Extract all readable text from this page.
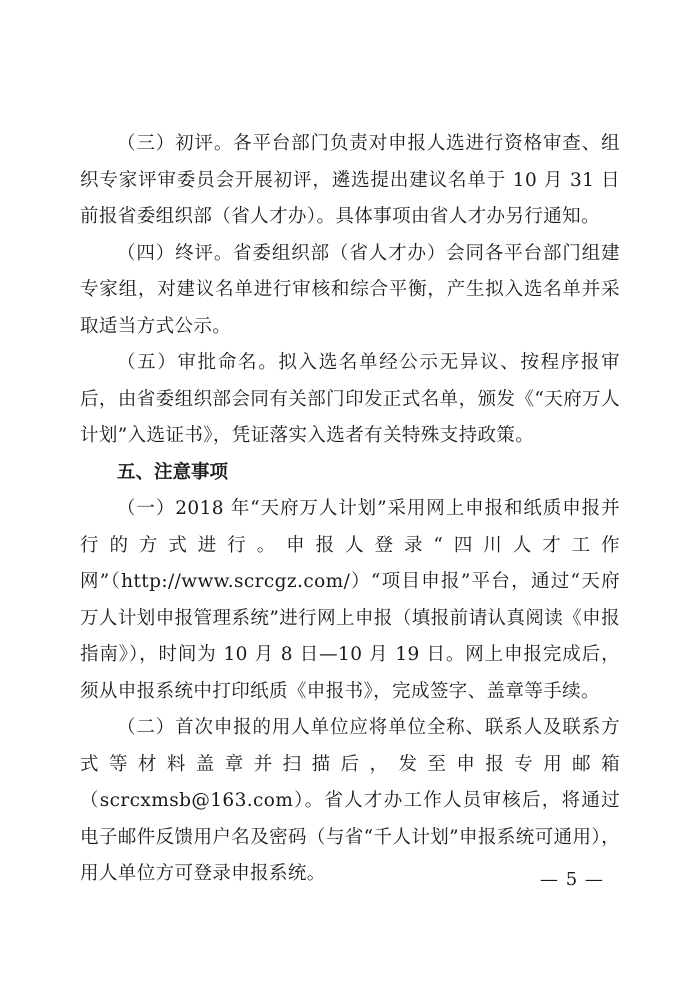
（三）初评。各平台部门负责对申报人选进行资格审查、组织专家评审委员会开展初评，遴选提出建议名单于 10 月 31 日前报省委组织部（省人才办）。具体事项由省人才办另行通知。

（四）终评。省委组织部（省人才办）会同各平台部门组建专家组，对建议名单进行审核和综合平衡，产生拟入选名单并采取适当方式公示。

（五）审批命名。拟入选名单经公示无异议、按程序报审后，由省委组织部会同有关部门印发正式名单，颁发《“天府万人计划”入选证书》，凭证落实入选者有关特殊支持政策。

五、注意事项

（一）2018 年“天府万人计划”采用网上申报和纸质申报并行的方式进行。申报人登录“四川人才工作网”（http://www.scrcgz.com/）“项目申报”平台，通过“天府万人计划申报管理系统”进行网上申报（填报前请认真阅读《申报指南》），时间为 10 月 8 日—10 月 19 日。网上申报完成后，须从申报系统中打印纸质《申报书》，完成签字、盖章等手续。

（二）首次申报的用人单位应将单位全称、联系人及联系方式等材料盖章并扫描后，发至申报专用邮箱（scrcxmsb@163.com）。省人才办工作人员审核后，将通过电子邮件反馈用户名及密码（与省“千人计划”申报系统可通用），用人单位方可登录申报系统。	— 5 —
